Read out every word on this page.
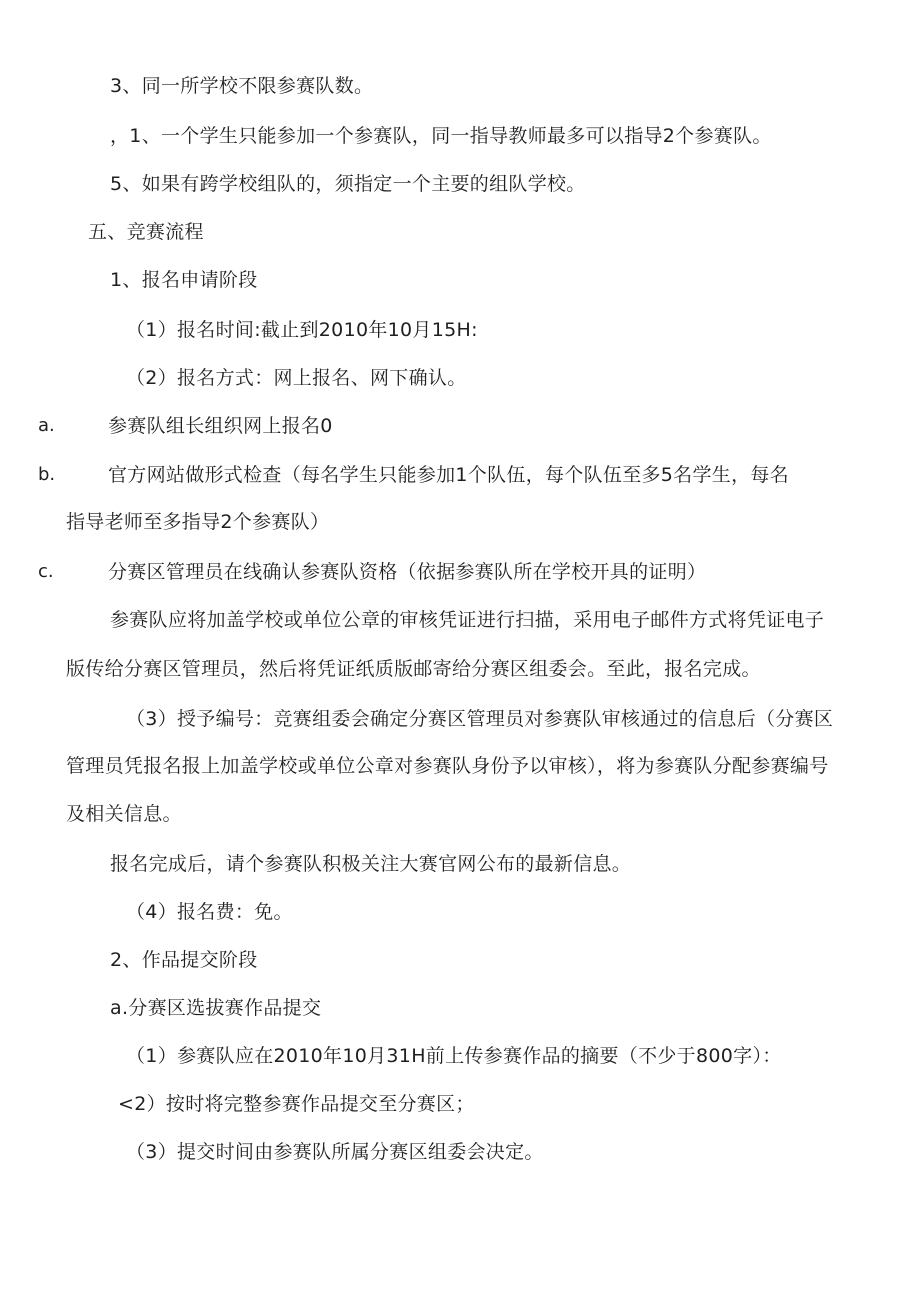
3、同一所学校不限参赛队数。
，1、一个学生只能参加一个参赛队，同一指导教师最多可以指导2个参赛队。
5、如果有跨学校组队的，须指定一个主要的组队学校。
五、竞赛流程
1、报名申请阶段
（1）报名时间:截止到2010年10月15H:
（2）报名方式：网上报名、网下确认。
a.	参赛队组长组织网上报名0
b.	官方网站做形式检查（每名学生只能参加1个队伍，每个队伍至多5名学生，每名
指导老师至多指导2个参赛队）
c.	分赛区管理员在线确认参赛队资格（依据参赛队所在学校开具的证明）
参赛队应将加盖学校或单位公章的审核凭证进行扫描，采用电子邮件方式将凭证电子
版传给分赛区管理员，然后将凭证纸质版邮寄给分赛区组委会。至此，报名完成。
（3）授予编号：竞赛组委会确定分赛区管理员对参赛队审核通过的信息后（分赛区
管理员凭报名报上加盖学校或单位公章对参赛队身份予以审核），将为参赛队分配参赛编号
及相关信息。
报名完成后，请个参赛队积极关注大赛官网公布的最新信息。
（4）报名费：免。
2、作品提交阶段
a.分赛区选拔赛作品提交
（1）参赛队应在2010年10月31H前上传参赛作品的摘要（不少于800字）：
<2）按时将完整参赛作品提交至分赛区；
（3）提交时间由参赛队所属分赛区组委会决定。
